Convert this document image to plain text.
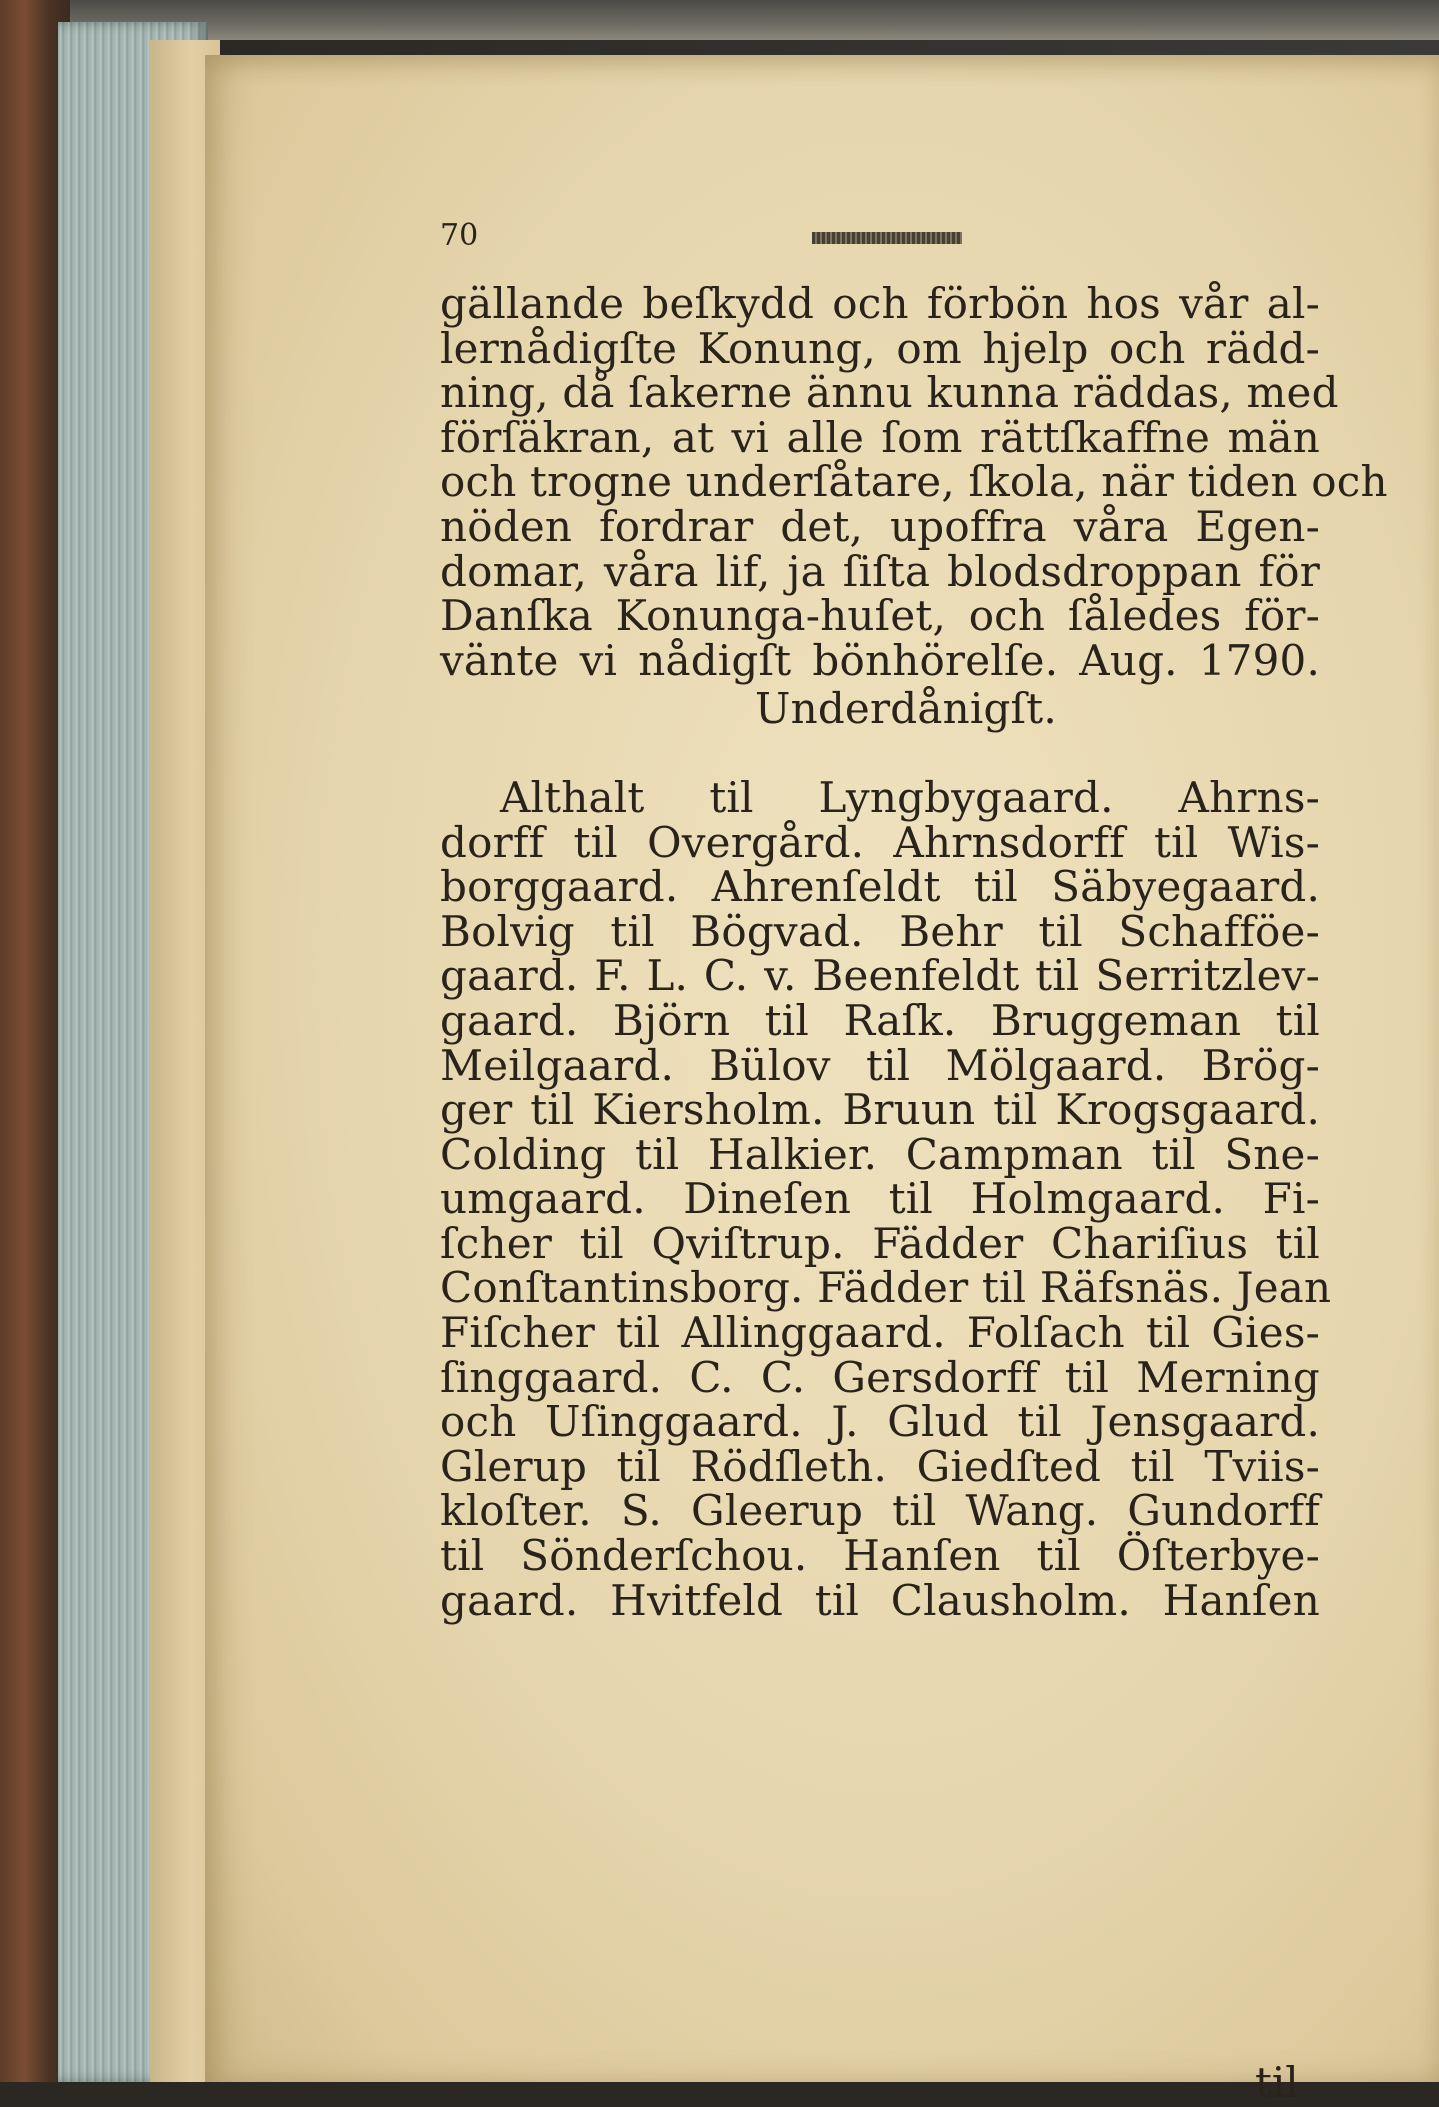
70
gällande beſkydd och förbön hos vår al-
lernådigſte Konung, om hjelp och rädd-
ning, då ſakerne ännu kunna räddas, med
förſäkran, at vi alle ſom rättſkaffne män
och trogne underſåtare, ſkola, när tiden och
nöden fordrar det, upoffra våra Egen-
domar, våra lif, ja ſiſta blodsdroppan för
Danſka Konunga-huſet, och ſåledes för-
vänte vi nådigſt bönhörelſe. Aug. 1790.
Underdånigſt.
Althalt til Lyngbygaard. Ahrns-
dorff til Overgård. Ahrnsdorff til Wis-
borggaard. Ahrenſeldt til Säbyegaard.
Bolvig til Bögvad. Behr til Schafföe-
gaard. F. L. C. v. Beenfeldt til Serritzlev-
gaard. Björn til Raſk. Bruggeman til
Meilgaard. Bülov til Mölgaard. Brög-
ger til Kiersholm. Bruun til Krogsgaard.
Colding til Halkier. Campman til Sne-
umgaard. Dineſen til Holmgaard. Fi-
ſcher til Qviſtrup. Fädder Chariſius til
Conſtantinsborg. Fädder til Räfsnäs. Jean
Fiſcher til Allinggaard. Folſach til Gies-
ſinggaard. C. C. Gersdorff til Merning
och Uſinggaard. J. Glud til Jensgaard.
Glerup til Rödſleth. Giedſted til Tviis-
kloſter. S. Gleerup til Wang. Gundorff
til Sönderſchou. Hanſen til Öſterbye-
gaard. Hvitfeld til Clausholm. Hanſen
til
